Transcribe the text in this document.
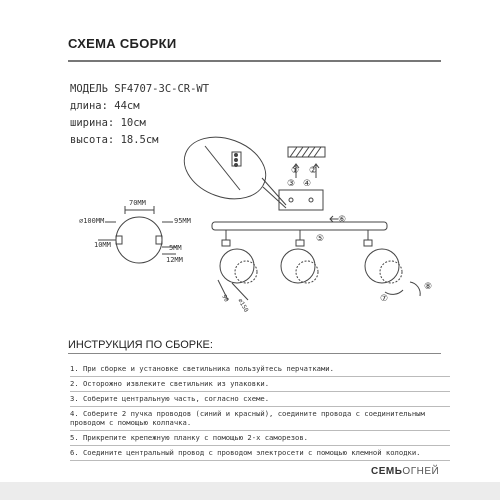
СХЕМА СБОРКИ
МОДЕЛЬ SF4707-3С-CR-WT
длина: 44см
ширина: 10см
высота: 18.5см
⌀100ММ
70ММ
95ММ
10ММ	5ММ
12ММ
⌀150
90
① ②
③ ④
⑤
⑥
⑦
⑧
ИНСТРУКЦИЯ ПО СБОРКЕ:
1. При сборке и установке светильника пользуйтесь перчатками.
2. Осторожно извлеките светильник из упаковки.
3. Соберите центральную часть, согласно схеме.
4. Соберите 2 пучка проводов (синий и красный), соедините провода с соединительным проводом с помощью колпачка.
5. Прикрепите крепежную планку с помощью 2-х саморезов.
6. Соедините центральный провод с проводом электросети с помощью клемной колодки.
СЕМЬОГНЕЙ
